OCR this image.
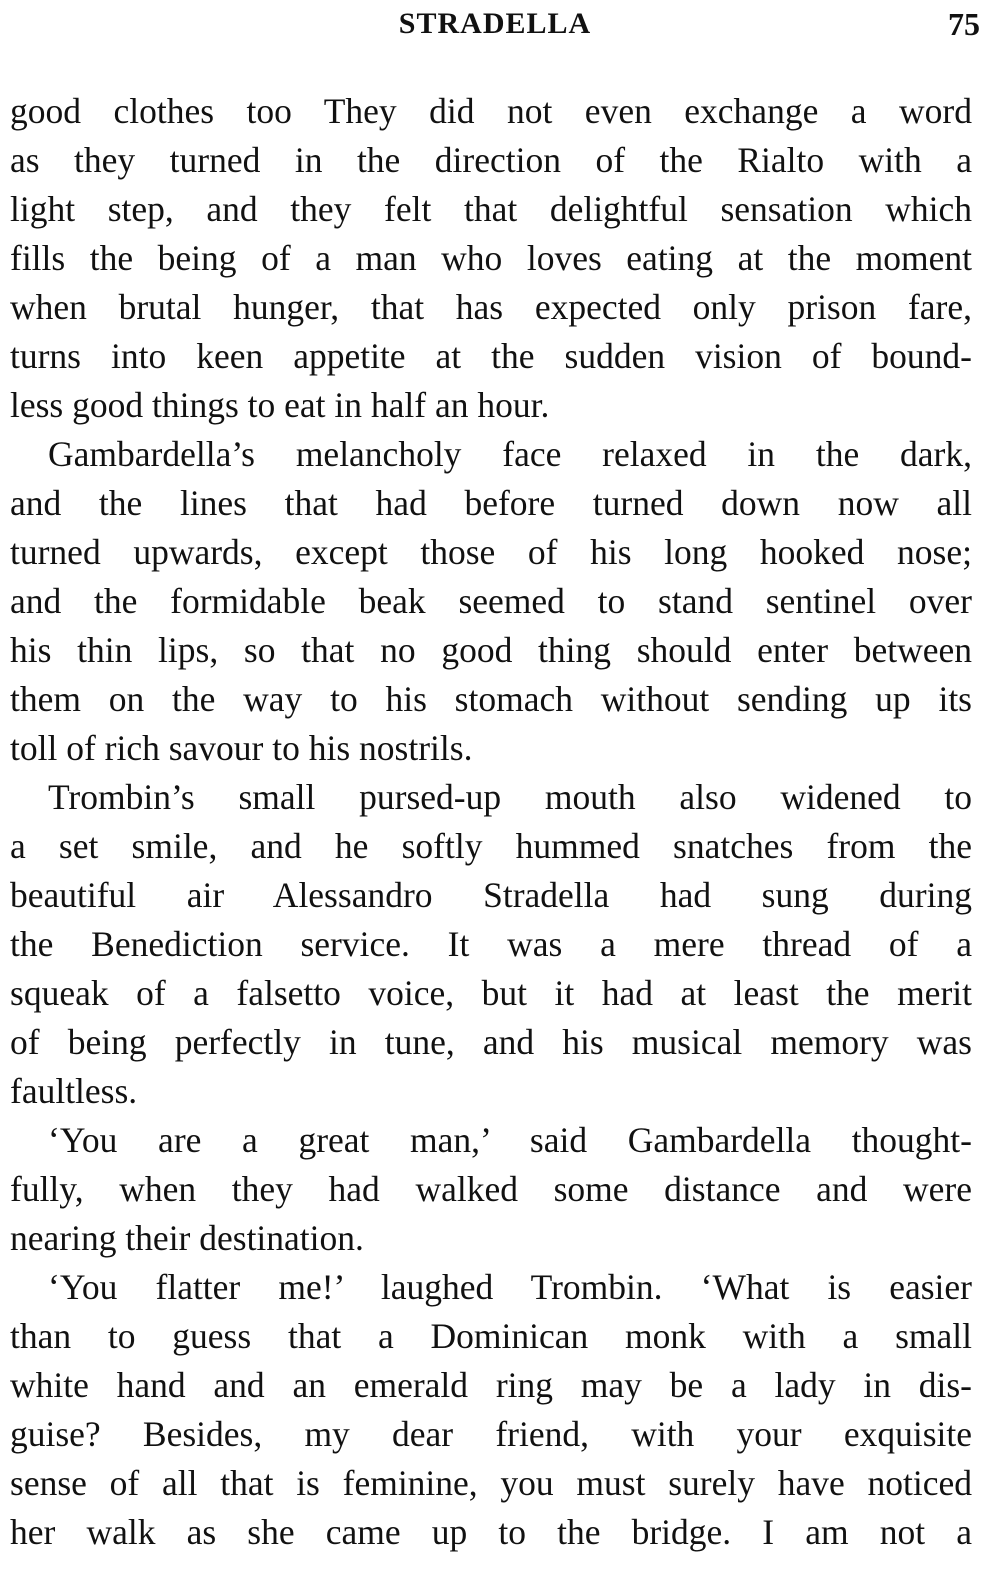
STRADELLA	75
good clothes too They did not even exchange a word
as they turned in the direction of the Rialto with a
light step, and they felt that delightful sensation which
fills the being of a man who loves eating at the moment
when brutal hunger, that has expected only prison fare,
turns into keen appetite at the sudden vision of bound-
less good things to eat in half an hour.
Gambardella’s melancholy face relaxed in the dark,
and the lines that had before turned down now all
turned upwards, except those of his long hooked nose;
and the formidable beak seemed to stand sentinel over
his thin lips, so that no good thing should enter between
them on the way to his stomach without sending up its
toll of rich savour to his nostrils.
Trombin’s small pursed-up mouth also widened to
a set smile, and he softly hummed snatches from the
beautiful air Alessandro Stradella had sung during
the Benediction service. It was a mere thread of a
squeak of a falsetto voice, but it had at least the merit
of being perfectly in tune, and his musical memory was
faultless.
‘You are a great man,’ said Gambardella thought-
fully, when they had walked some distance and were
nearing their destination.
‘You flatter me!’ laughed Trombin. ‘What is easier
than to guess that a Dominican monk with a small
white hand and an emerald ring may be a lady in dis-
guise? Besides, my dear friend, with your exquisite
sense of all that is feminine, you must surely have noticed
her walk as she came up to the bridge. I am not a
